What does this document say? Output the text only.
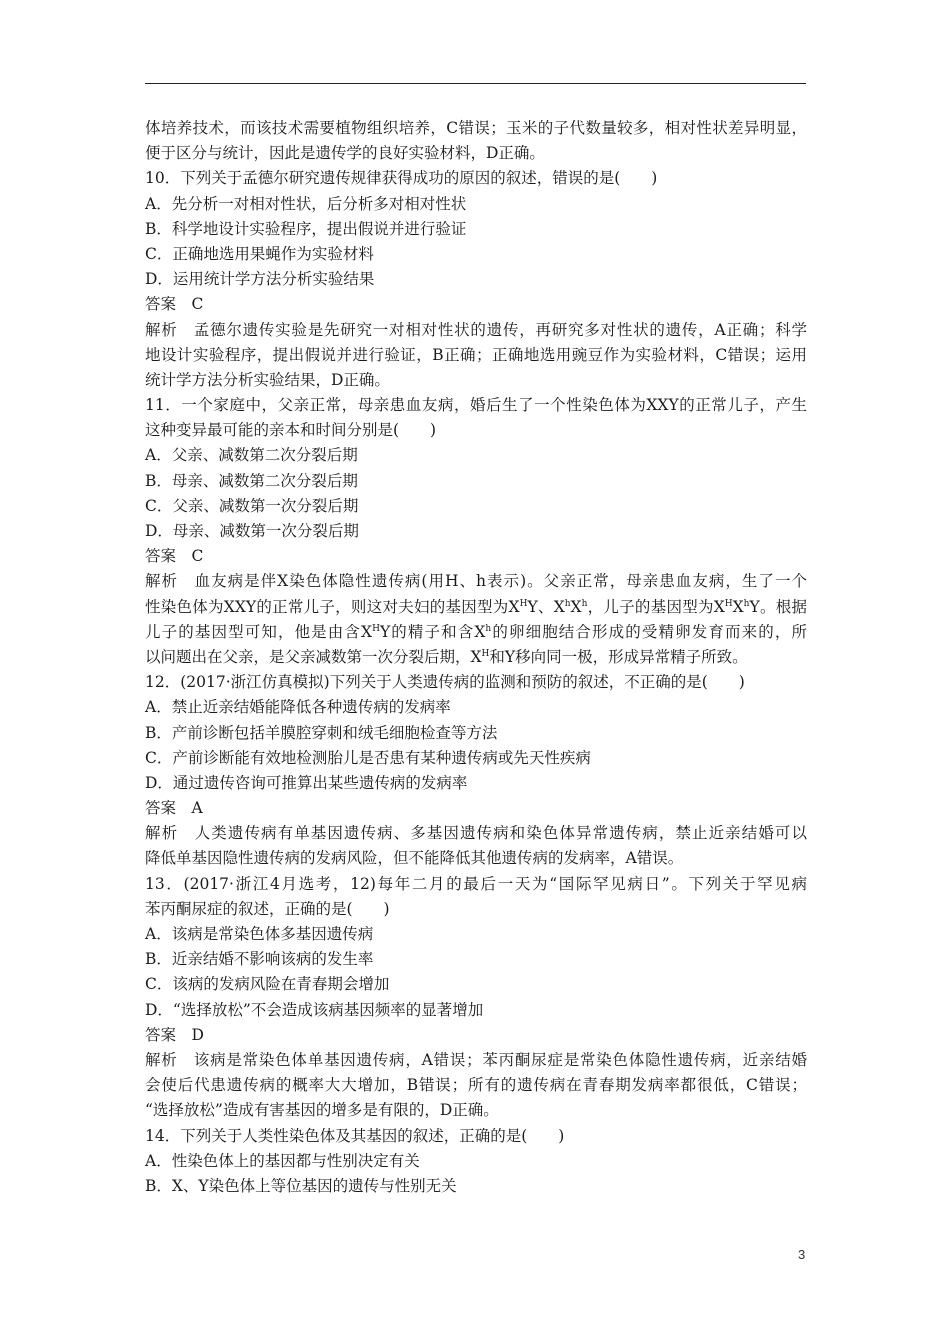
体培养技术，而该技术需要植物组织培养，C错误；玉米的子代数量较多，相对性状差异明显，
便于区分与统计，因此是遗传学的良好实验材料，D正确。
10．下列关于孟德尔研究遗传规律获得成功的原因的叙述，错误的是(　　)
A．先分析一对相对性状，后分析多对相对性状
B．科学地设计实验程序，提出假说并进行验证
C．正确地选用果蝇作为实验材料
D．运用统计学方法分析实验结果
答案　C
解析　孟德尔遗传实验是先研究一对相对性状的遗传，再研究多对性状的遗传，A正确；科学
地设计实验程序，提出假说并进行验证，B正确；正确地选用豌豆作为实验材料，C错误；运用
统计学方法分析实验结果，D正确。
11．一个家庭中，父亲正常，母亲患血友病，婚后生了一个性染色体为XXY的正常儿子，产生
这种变异最可能的亲本和时间分别是(　　)
A．父亲、减数第二次分裂后期
B．母亲、减数第二次分裂后期
C．父亲、减数第一次分裂后期
D．母亲、减数第一次分裂后期
答案　C
解析　血友病是伴X染色体隐性遗传病(用H、h表示)。父亲正常，母亲患血友病，生了一个
性染色体为XXY的正常儿子，则这对夫妇的基因型为$X^HY$、$X^hX^h$，儿子的基因型为$X^HX^hY$。根据
儿子的基因型可知，他是由含$X^HY$的精子和含$X^h$的卵细胞结合形成的受精卵发育而来的，所
以问题出在父亲，是父亲减数第一次分裂后期，$X^H$和Y移向同一极，形成异常精子所致。
12．(2017·浙江仿真模拟)下列关于人类遗传病的监测和预防的叙述，不正确的是(　　)
A．禁止近亲结婚能降低各种遗传病的发病率
B．产前诊断包括羊膜腔穿刺和绒毛细胞检查等方法
C．产前诊断能有效地检测胎儿是否患有某种遗传病或先天性疾病
D．通过遗传咨询可推算出某些遗传病的发病率
答案　A
解析　人类遗传病有单基因遗传病、多基因遗传病和染色体异常遗传病，禁止近亲结婚可以
降低单基因隐性遗传病的发病风险，但不能降低其他遗传病的发病率，A错误。
13．(2017·浙江4月选考，12)每年二月的最后一天为“国际罕见病日”。下列关于罕见病
苯丙酮尿症的叙述，正确的是(　　)
A．该病是常染色体多基因遗传病
B．近亲结婚不影响该病的发生率
C．该病的发病风险在青春期会增加
D．“选择放松”不会造成该病基因频率的显著增加
答案　D
解析　该病是常染色体单基因遗传病，A错误；苯丙酮尿症是常染色体隐性遗传病，近亲结婚
会使后代患遗传病的概率大大增加，B错误；所有的遗传病在青春期发病率都很低，C错误；
“选择放松”造成有害基因的增多是有限的，D正确。
14．下列关于人类性染色体及其基因的叙述，正确的是(　　)
A．性染色体上的基因都与性别决定有关
B．X、Y染色体上等位基因的遗传与性别无关
3
